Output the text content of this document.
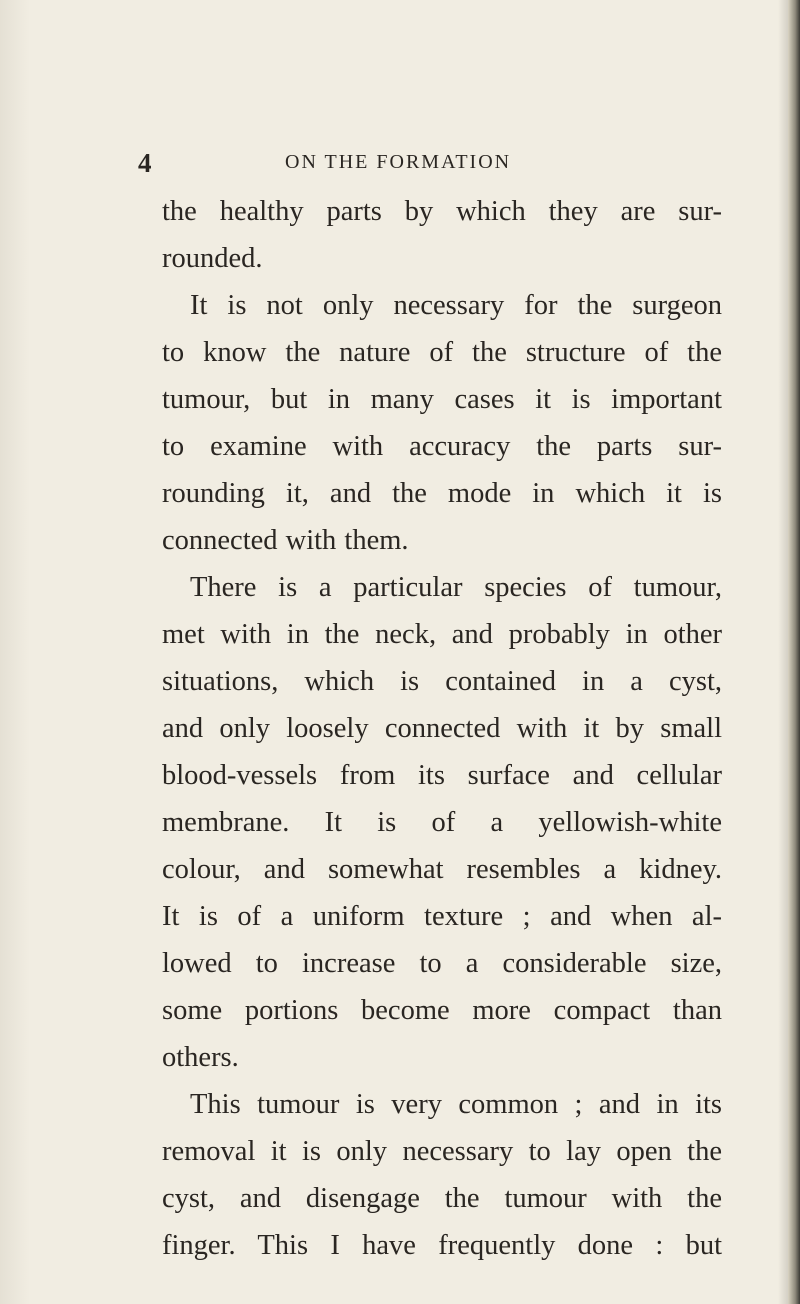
4	ON THE FORMATION
the healthy parts by which they are sur-
rounded.
It is not only necessary for the surgeon
to know the nature of the structure of the
tumour, but in many cases it is important
to examine with accuracy the parts sur-
rounding it, and the mode in which it is
connected with them.
There is a particular species of tumour,
met with in the neck, and probably in other
situations, which is contained in a cyst,
and only loosely connected with it by small
blood-vessels from its surface and cellular
membrane. It is of a yellowish-white
colour, and somewhat resembles a kidney.
It is of a uniform texture ; and when al-
lowed to increase to a considerable size,
some portions become more compact than
others.
This tumour is very common ; and in its
removal it is only necessary to lay open the
cyst, and disengage the tumour with the
finger. This I have frequently done : but
